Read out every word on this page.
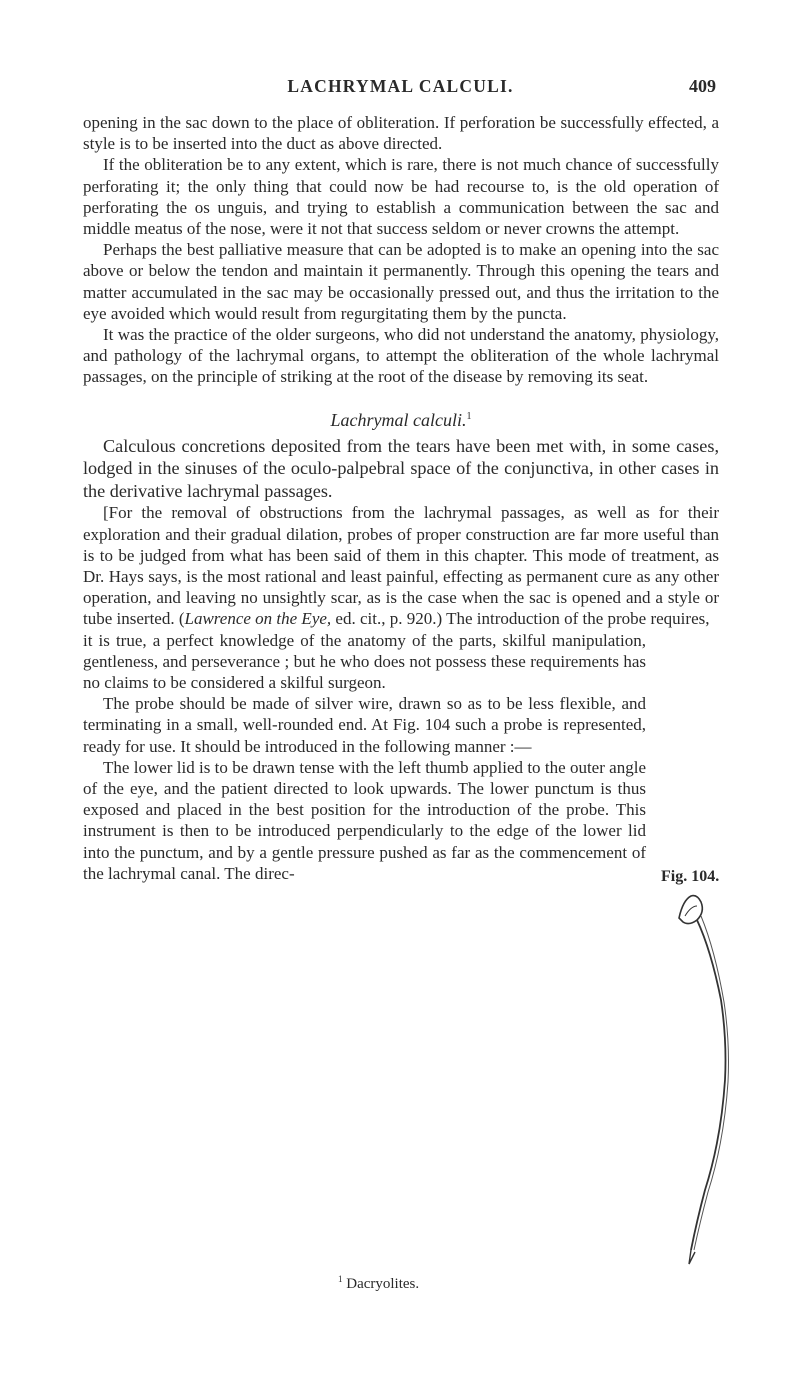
LACHRYMAL CALCULI.	409

opening in the sac down to the place of obliteration. If perforation be successfully effected, a style is to be inserted into the duct as above directed.

If the obliteration be to any extent, which is rare, there is not much chance of successfully perforating it; the only thing that could now be had recourse to, is the old operation of perforating the os unguis, and trying to establish a communication between the sac and middle meatus of the nose, were it not that success seldom or never crowns the attempt.

Perhaps the best palliative measure that can be adopted is to make an opening into the sac above or below the tendon and maintain it permanently. Through this opening the tears and matter accumulated in the sac may be occasionally pressed out, and thus the irritation to the eye avoided which would result from regurgitating them by the puncta.

It was the practice of the older surgeons, who did not understand the anatomy, physiology, and pathology of the lachrymal organs, to attempt the obliteration of the whole lachrymal passages, on the principle of striking at the root of the disease by removing its seat.

Lachrymal calculi.$^1$

Calculous concretions deposited from the tears have been met with, in some cases, lodged in the sinuses of the oculo-palpebral space of the conjunctiva, in other cases in the derivative lachrymal passages.

[For the removal of obstructions from the lachrymal passages, as well as for their exploration and their gradual dilation, probes of proper construction are far more useful than is to be judged from what has been said of them in this chapter. This mode of treatment, as Dr. Hays says, is the most rational and least painful, effecting as permanent cure as any other operation, and leaving no unsightly scar, as is the case when the sac is opened and a style or tube inserted. (Lawrence on the Eye, ed. cit., p. 920.) The introduction of the probe requires,

it is true, a perfect knowledge of the anatomy of the parts, skilful manipulation, gentleness, and perseverance ; but he who does not possess these requirements has no claims to be considered a skilful surgeon.

The probe should be made of silver wire, drawn so as to be less flexible, and terminating in a small, well-rounded end. At Fig. 104 such a probe is represented, ready for use. It should be introduced in the following manner :—

The lower lid is to be drawn tense with the left thumb applied to the outer angle of the eye, and the patient directed to look upwards. The lower punctum is thus exposed and placed in the best position for the introduction of the probe. This instrument is then to be introduced perpendicularly to the edge of the lower lid into the punctum, and by a gentle pressure pushed as far as the commencement of the lachrymal canal. The direc-	Fig. 104.
$^1$ Dacryolites.
